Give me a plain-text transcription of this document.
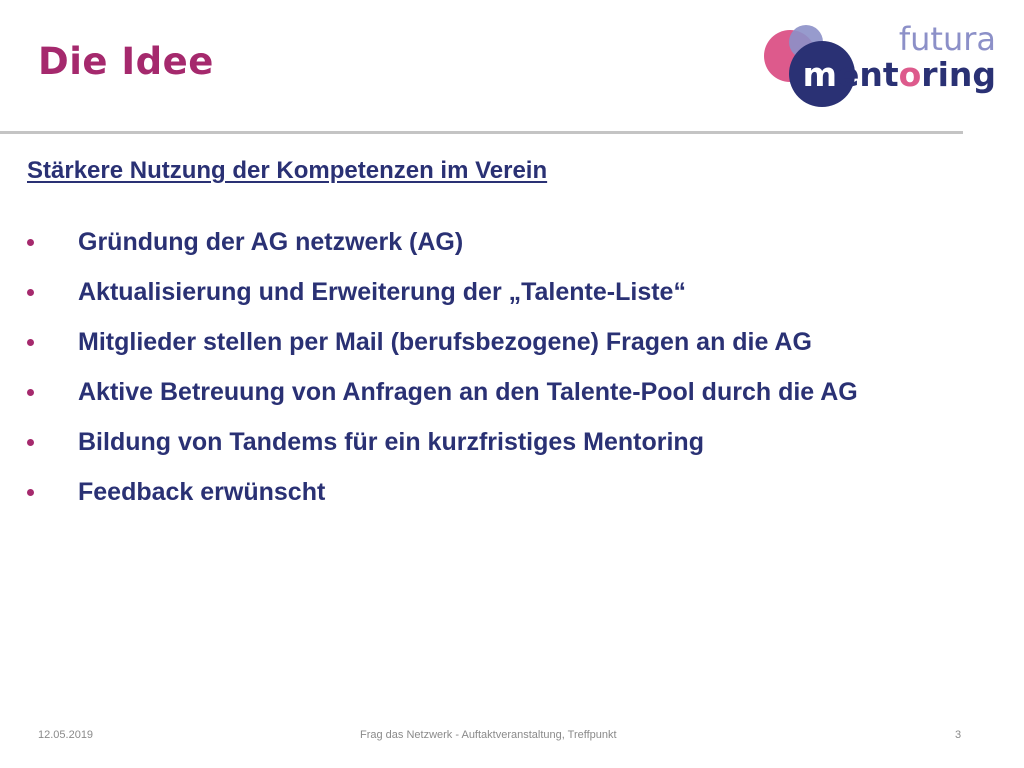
Die Idee
futura
mentoring
Stärkere Nutzung der Kompetenzen im Verein
Gründung der AG netzwerk (AG)
Aktualisierung und Erweiterung der „Talente-Liste“
Mitglieder stellen per Mail (berufsbezogene) Fragen an die AG
Aktive Betreuung von Anfragen an den Talente-Pool durch die AG
Bildung von Tandems für ein kurzfristiges Mentoring
Feedback erwünscht
12.05.2019	Frag das Netzwerk - Auftaktveranstaltung, Treffpunkt	3
